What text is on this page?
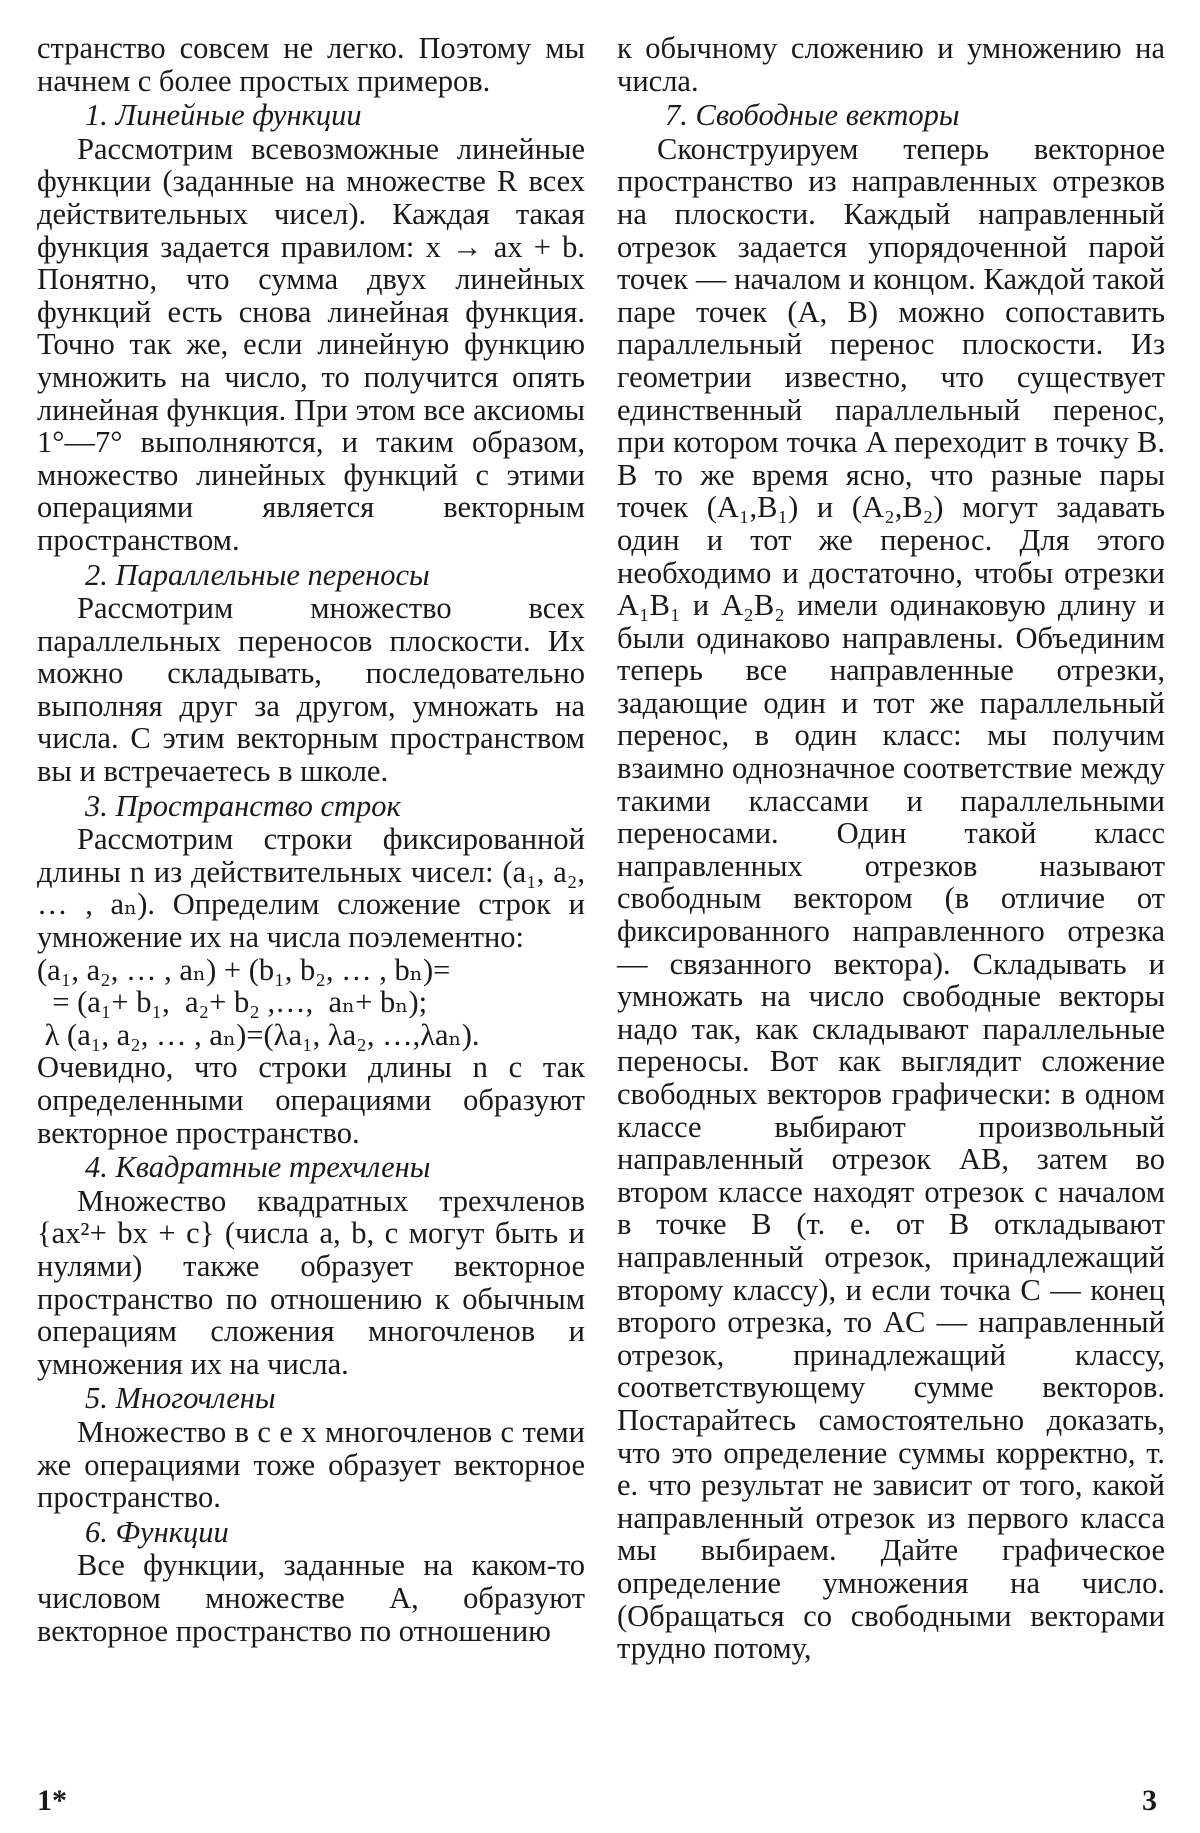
странство совсем не легко. Поэтому мы начнем с более простых примеров.

1. Линейные функции

Рассмотрим всевозможные линейные функции (заданные на множестве R всех действительных чисел). Каждая такая функция задается правилом: x → ax + b. Понятно, что сумма двух линейных функций есть снова линейная функция. Точно так же, если линейную функцию умножить на число, то получится опять линейная функция. При этом все аксиомы 1°—7° выполняются, и таким образом, множество линейных функций с этими операциями является векторным пространством.

2. Параллельные переносы

Рассмотрим множество всех параллельных переносов плоскости. Их можно складывать, последовательно выполняя друг за другом, умножать на числа. С этим векторным пространством вы и встречаетесь в школе.

3. Пространство строк

Рассмотрим строки фиксированной длины n из действительных чисел: (a₁, a₂, … , aₙ). Определим сложение строк и умножение их на числа поэлементно:

(a₁, a₂, … , aₙ) + (b₁, b₂, … , bₙ)=

= (a₁+ b₁,  a₂+ b₂ ,…,  aₙ+ bₙ);

λ (a₁, a₂, … , aₙ)=(λa₁, λa₂, …,λaₙ).

Очевидно, что строки длины n с так определенными операциями образуют векторное пространство.

4. Квадратные трехчлены

Множество квадратных трехчленов {ax²+ bx + c} (числа a, b, c могут быть и нулями) также образует векторное пространство по отношению к обычным операциям сложения многочленов и умножения их на числа.

5. Многочлены

Множество в с е х многочленов с теми же операциями тоже образует векторное пространство.

6. Функции

Все функции, заданные на каком-то числовом множестве A, образуют векторное пространство по отношению

к обычному сложению и умножению на числа.

7. Свободные векторы

Сконструируем теперь векторное пространство из направленных отрезков на плоскости. Каждый направленный отрезок задается упорядоченной парой точек — началом и концом. Каждой такой паре точек (A, B) можно сопоставить параллельный перенос плоскости. Из геометрии известно, что существует единственный параллельный перенос, при котором точка A переходит в точку B. В то же время ясно, что разные пары точек (A₁,B₁) и (A₂,B₂) могут задавать один и тот же перенос. Для этого необходимо и достаточно, чтобы отрезки A₁B₁ и A₂B₂ имели одинаковую длину и были одинаково направлены. Объединим теперь все направленные отрезки, задающие один и тот же параллельный перенос, в один класс: мы получим взаимно однозначное соответствие между такими классами и параллельными переносами. Один такой класс направленных отрезков называют свободным вектором (в отличие от фиксированного направленного отрезка — связанного вектора). Складывать и умножать на число свободные векторы надо так, как складывают параллельные переносы. Вот как выглядит сложение свободных векторов графически: в одном классе выбирают произвольный направленный отрезок AB, затем во втором классе находят отрезок с началом в точке B (т. е. от B откладывают направленный отрезок, принадлежащий второму классу), и если точка C — конец второго отрезка, то AC — направленный отрезок, принадлежащий классу, соответствующему сумме векторов. Постарайтесь самостоятельно доказать, что это определение суммы корректно, т. е. что результат не зависит от того, какой направленный отрезок из первого класса мы выбираем. Дайте графическое определение умножения на число. (Обращаться со свободными векторами трудно потому,

1*	3
